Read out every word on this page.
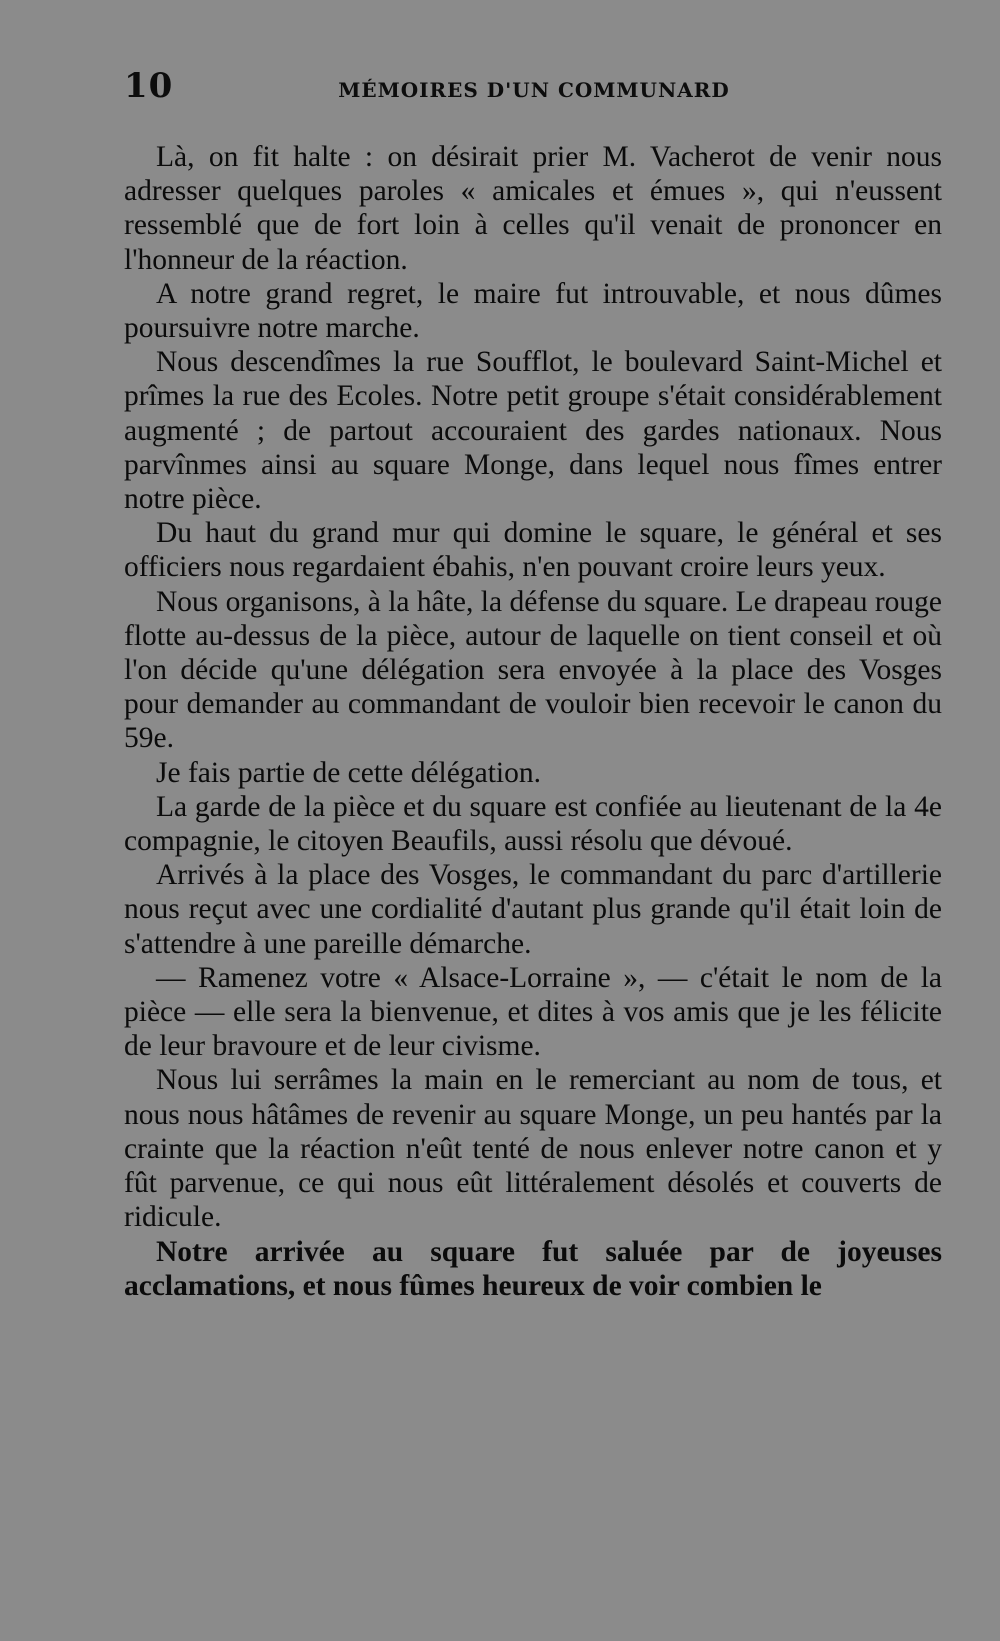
10	MÉMOIRES D'UN COMMUNARD

Là, on fit halte : on désirait prier M. Vacherot de venir nous adresser quelques paroles « amicales et émues », qui n'eussent ressemblé que de fort loin à celles qu'il venait de prononcer en l'honneur de la réaction.

A notre grand regret, le maire fut introuvable, et nous dûmes poursuivre notre marche.

Nous descendîmes la rue Soufflot, le boulevard Saint-Michel et prîmes la rue des Ecoles. Notre petit groupe s'était considérablement augmenté ; de partout accouraient des gardes nationaux. Nous parvînmes ainsi au square Monge, dans lequel nous fîmes entrer notre pièce.

Du haut du grand mur qui domine le square, le général et ses officiers nous regardaient ébahis, n'en pouvant croire leurs yeux.

Nous organisons, à la hâte, la défense du square. Le drapeau rouge flotte au-dessus de la pièce, autour de laquelle on tient conseil et où l'on décide qu'une délégation sera envoyée à la place des Vosges pour demander au commandant de vouloir bien recevoir le canon du 59e.

Je fais partie de cette délégation.

La garde de la pièce et du square est confiée au lieutenant de la 4e compagnie, le citoyen Beaufils, aussi résolu que dévoué.

Arrivés à la place des Vosges, le commandant du parc d'artillerie nous reçut avec une cordialité d'autant plus grande qu'il était loin de s'attendre à une pareille démarche.

— Ramenez votre « Alsace-Lorraine », — c'était le nom de la pièce — elle sera la bienvenue, et dites à vos amis que je les félicite de leur bravoure et de leur civisme.

Nous lui serrâmes la main en le remerciant au nom de tous, et nous nous hâtâmes de revenir au square Monge, un peu hantés par la crainte que la réaction n'eût tenté de nous enlever notre canon et y fût parvenue, ce qui nous eût littéralement désolés et couverts de ridicule.

Notre arrivée au square fut saluée par de joyeuses acclamations, et nous fûmes heureux de voir combien le
